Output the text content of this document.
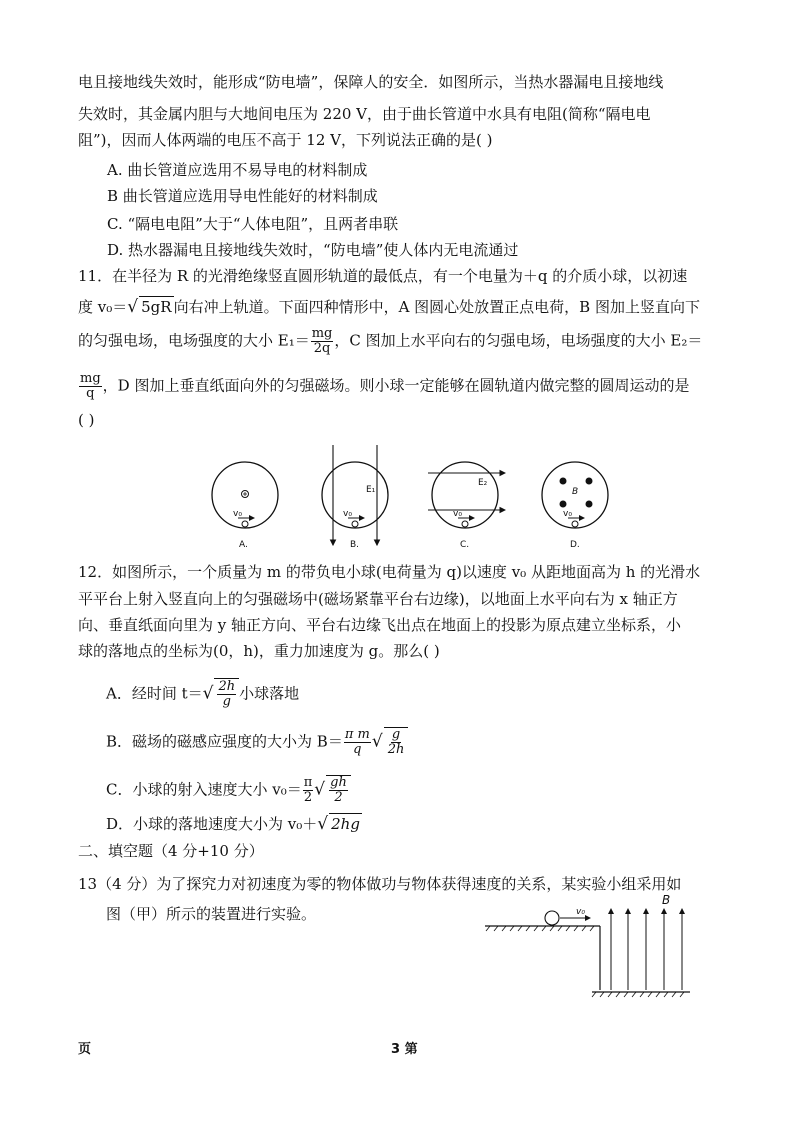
电且接地线失效时，能形成“防电墙”，保障人的安全．如图所示，当热水器漏电且接地线
失效时，其金属内胆与大地间电压为 220 V，由于曲长管道中水具有电阻(简称“隔电电
阻”)，因而人体两端的电压不高于 12 V，下列说法正确的是( )
A. 曲长管道应选用不易导电的材料制成
B 曲长管道应选用导电性能好的材料制成
C. “隔电电阻”大于“人体电阻”，且两者串联
D. 热水器漏电且接地线失效时，“防电墙”使人体内无电流通过
11．在半径为 R 的光滑绝缘竖直圆形轨道的最低点，有一个电量为＋q 的介质小球，以初速
度 v₀＝√ 5gR 向右冲上轨道。下面四种情形中，A 图圆心处放置正点电荷，B 图加上竖直向下
的匀强电场，电场强度的大小 $E_1= \frac{mg}{2q}$ ，C 图加上水平向右的匀强电场，电场强度的大小 E₂＝
$\frac{mg}{q}$ ，D 图加上垂直纸面向外的匀强磁场。则小球一定能够在圆轨道内做完整的圆周运动的是
( )
A.	B.	C.	D.
E₁
E₂
B
v₀	v₀	v₀	v₀
12．如图所示，一个质量为 m 的带负电小球(电荷量为 q)以速度 v₀ 从距地面高为 h 的光滑水
平平台上射入竖直向上的匀强磁场中(磁场紧靠平台右边缘)，以地面上水平向右为 x 轴正方
向、垂直纸面向里为 y 轴正方向、平台右边缘飞出点在地面上的投影为原点建立坐标系，小
球的落地点的坐标为(0，h)，重力加速度为 g。那么( )
A．经时间 $t=√ \frac{2h}{g}$ 小球落地
B．磁场的磁感应强度的大小为 $B= \frac{\text{π m}}{q}$ √ $\frac{g}{2h}$
C．小球的射入速度大小 $v_0= \frac{\pi}{2}$ √ $\frac{gh}{2}$
D．小球的落地速度大小为 v₀＋√ 2hg
二、填空题（4 分+10 分）
13（4 分）为了探究力对初速度为零的物体做功与物体获得速度的关系，某实验小组采用如
图（甲）所示的装置进行实验。	v₀
B
页	3 第
